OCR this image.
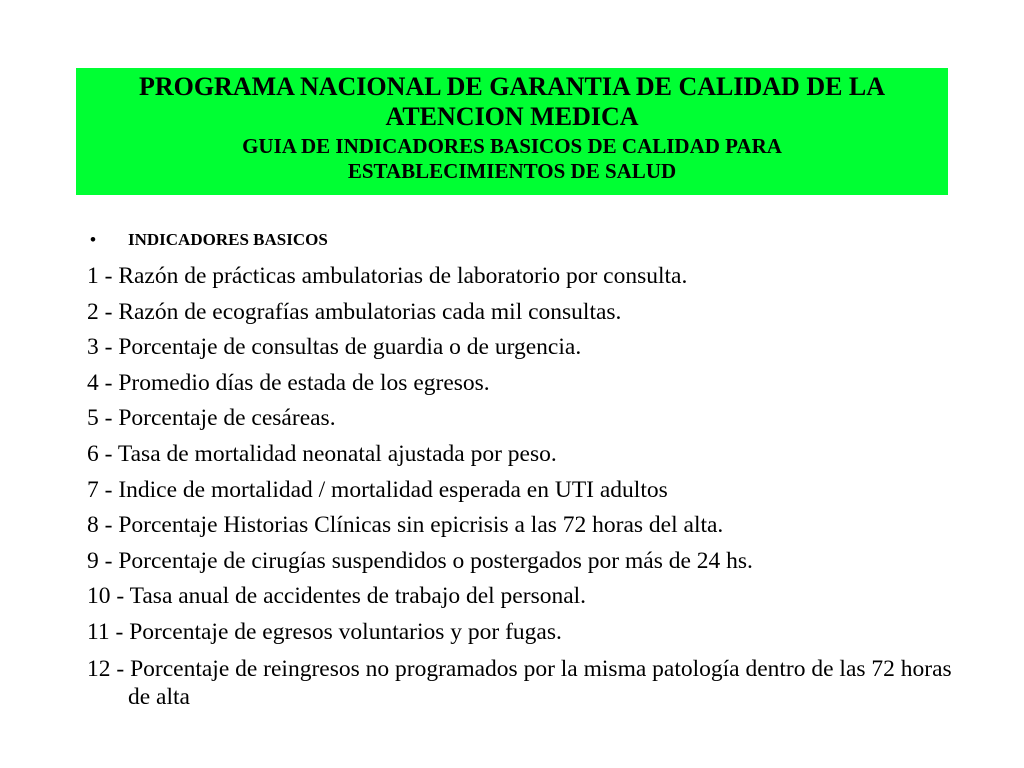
PROGRAMA NACIONAL DE GARANTIA DE CALIDAD DE LA

ATENCION MEDICA

GUIA DE INDICADORES BASICOS DE CALIDAD PARA

ESTABLECIMIENTOS DE SALUD

•	INDICADORES BASICOS
1 - Razón de prácticas ambulatorias de laboratorio por consulta.
2 - Razón de ecografías ambulatorias cada mil consultas.
3 - Porcentaje de consultas de guardia o de urgencia.
4 - Promedio días de estada de los egresos.
5 - Porcentaje de cesáreas.
6 - Tasa de mortalidad neonatal ajustada por peso.
7 - Indice de mortalidad / mortalidad esperada en UTI adultos
8 - Porcentaje Historias Clínicas sin epicrisis a las 72 horas del alta.
9 - Porcentaje de cirugías suspendidos o postergados por más de 24 hs.
10 - Tasa anual de accidentes de trabajo del personal.
11 - Porcentaje de egresos voluntarios y por fugas.
12 - Porcentaje de reingresos no programados por la misma patología dentro de las 72 horas de alta
